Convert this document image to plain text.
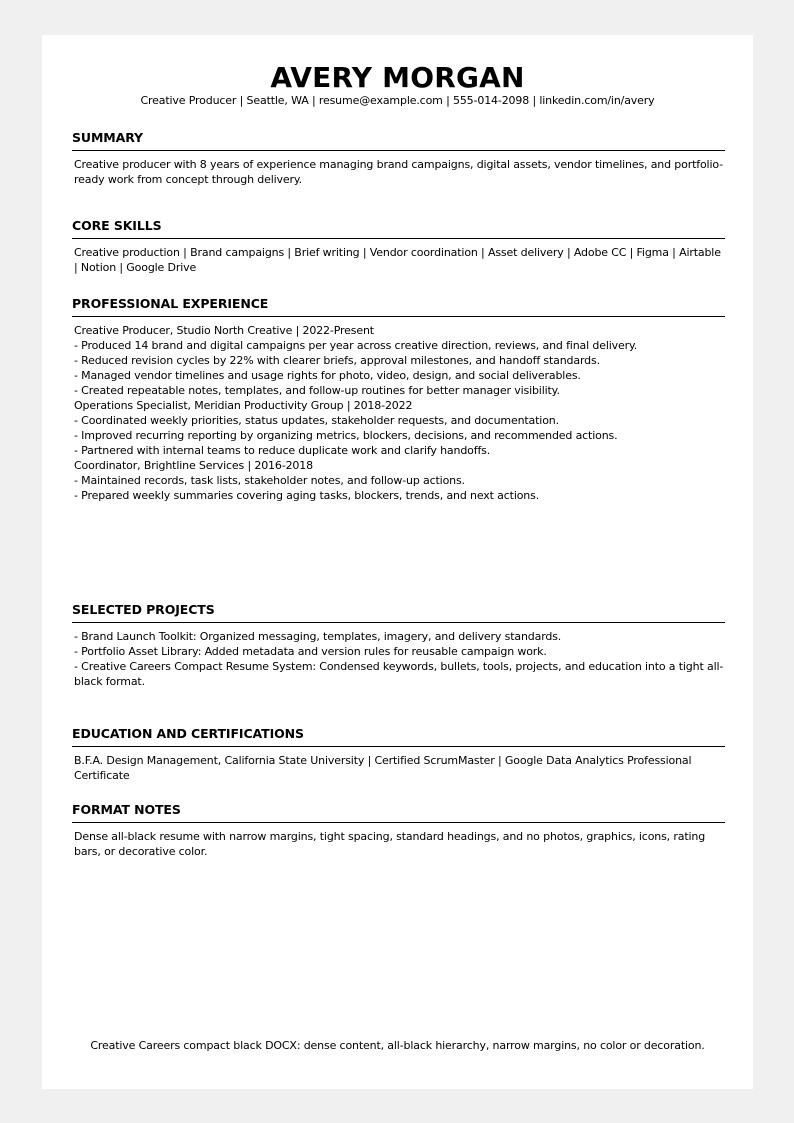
AVERY MORGAN
Creative Producer | Seattle, WA | resume@example.com | 555-014-2098 | linkedin.com/in/avery
SUMMARY
Creative producer with 8 years of experience managing brand campaigns, digital assets, vendor timelines, and portfolio-ready work from concept through delivery.
CORE SKILLS
Creative production | Brand campaigns | Brief writing | Vendor coordination | Asset delivery | Adobe CC | Figma | Airtable | Notion | Google Drive
PROFESSIONAL EXPERIENCE
Creative Producer, Studio North Creative | 2022-Present
- Produced 14 brand and digital campaigns per year across creative direction, reviews, and final delivery.
- Reduced revision cycles by 22% with clearer briefs, approval milestones, and handoff standards.
- Managed vendor timelines and usage rights for photo, video, design, and social deliverables.
- Created repeatable notes, templates, and follow-up routines for better manager visibility.
Operations Specialist, Meridian Productivity Group | 2018-2022
- Coordinated weekly priorities, status updates, stakeholder requests, and documentation.
- Improved recurring reporting by organizing metrics, blockers, decisions, and recommended actions.
- Partnered with internal teams to reduce duplicate work and clarify handoffs.
Coordinator, Brightline Services | 2016-2018
- Maintained records, task lists, stakeholder notes, and follow-up actions.
- Prepared weekly summaries covering aging tasks, blockers, trends, and next actions.
SELECTED PROJECTS
- Brand Launch Toolkit: Organized messaging, templates, imagery, and delivery standards.
- Portfolio Asset Library: Added metadata and version rules for reusable campaign work.
- Creative Careers Compact Resume System: Condensed keywords, bullets, tools, projects, and education into a tight all-black format.
EDUCATION AND CERTIFICATIONS
B.F.A. Design Management, California State University | Certified ScrumMaster | Google Data Analytics Professional Certificate
FORMAT NOTES
Dense all-black resume with narrow margins, tight spacing, standard headings, and no photos, graphics, icons, rating bars, or decorative color.
Creative Careers compact black DOCX: dense content, all-black hierarchy, narrow margins, no color or decoration.
